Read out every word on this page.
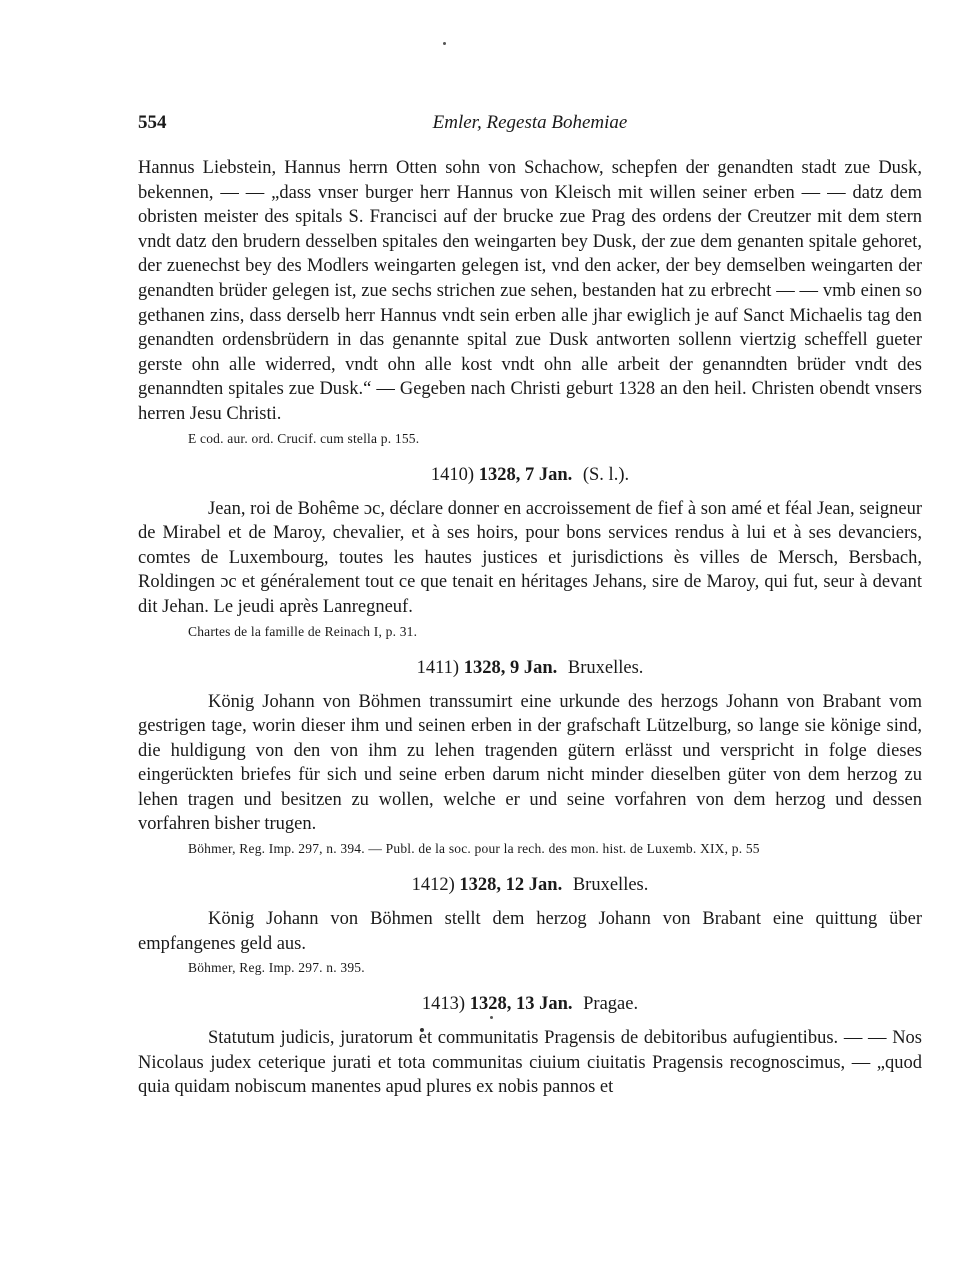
554	Emler, Regesta Bohemiae

Hannus Liebstein, Hannus herrn Otten sohn von Schachow, schepfen der genandten stadt zue Dusk, bekennen, — — „dass vnser burger herr Hannus von Kleisch mit willen seiner erben — — datz dem obristen meister des spitals S. Francisci auf der brucke zue Prag des ordens der Creutzer mit dem stern vndt datz den brudern desselben spitales den weingarten bey Dusk, der zue dem genanten spitale gehoret, der zuenechst bey des Modlers weingarten gelegen ist, vnd den acker, der bey demselben weingarten der genandten brüder gelegen ist, zue sechs strichen zue sehen, bestanden hat zu erbrecht — — vmb einen so gethanen zins, dass derselb herr Hannus vndt sein erben alle jhar ewiglich je auf Sanct Michaelis tag den genandten ordensbrüdern in das genannte spital zue Dusk antworten sollenn viertzig scheffell gueter gerste ohn alle widerred, vndt ohn alle kost vndt ohn alle arbeit der genanndten brüder vndt des genanndten spitales zue Dusk.“ — Gegeben nach Christi geburt 1328 an den heil. Christen obendt vnsers herren Jesu Christi.

E cod. aur. ord. Crucif. cum stella p. 155.
1410) 1328, 7 Jan. (S. l.).

Jean, roi de Bohême ɔc, déclare donner en accroissement de fief à son amé et féal Jean, seigneur de Mirabel et de Maroy, chevalier, et à ses hoirs, pour bons services rendus à lui et à ses devanciers, comtes de Luxembourg, toutes les hautes justices et jurisdictions ès villes de Mersch, Bersbach, Roldingen ɔc et généralement tout ce que tenait en héritages Jehans, sire de Maroy, qui fut, seur à devant dit Jehan. Le jeudi après Lanregneuf.

Chartes de la famille de Reinach I, p. 31.
1411) 1328, 9 Jan. Bruxelles.

König Johann von Böhmen transsumirt eine urkunde des herzogs Johann von Brabant vom gestrigen tage, worin dieser ihm und seinen erben in der grafschaft Lützelburg, so lange sie könige sind, die huldigung von den von ihm zu lehen tragenden gütern erlässt und verspricht in folge dieses eingerückten briefes für sich und seine erben darum nicht minder dieselben güter von dem herzog zu lehen tragen und besitzen zu wollen, welche er und seine vorfahren von dem herzog und dessen vorfahren bisher trugen.

Böhmer, Reg. Imp. 297, n. 394. — Publ. de la soc. pour la rech. des mon. hist. de Luxemb. XIX, p. 55
1412) 1328, 12 Jan. Bruxelles.

König Johann von Böhmen stellt dem herzog Johann von Brabant eine quittung über empfangenes geld aus.

Böhmer, Reg. Imp. 297. n. 395.
1413) 1328, 13 Jan. Pragae.

Statutum judicis, juratorum et communitatis Pragensis de debitoribus aufugientibus. — — Nos Nicolaus judex ceterique jurati et tota communitas ciuium ciuitatis Pragensis recognoscimus, — „quod quia quidam nobiscum manentes apud plures ex nobis pannos et
